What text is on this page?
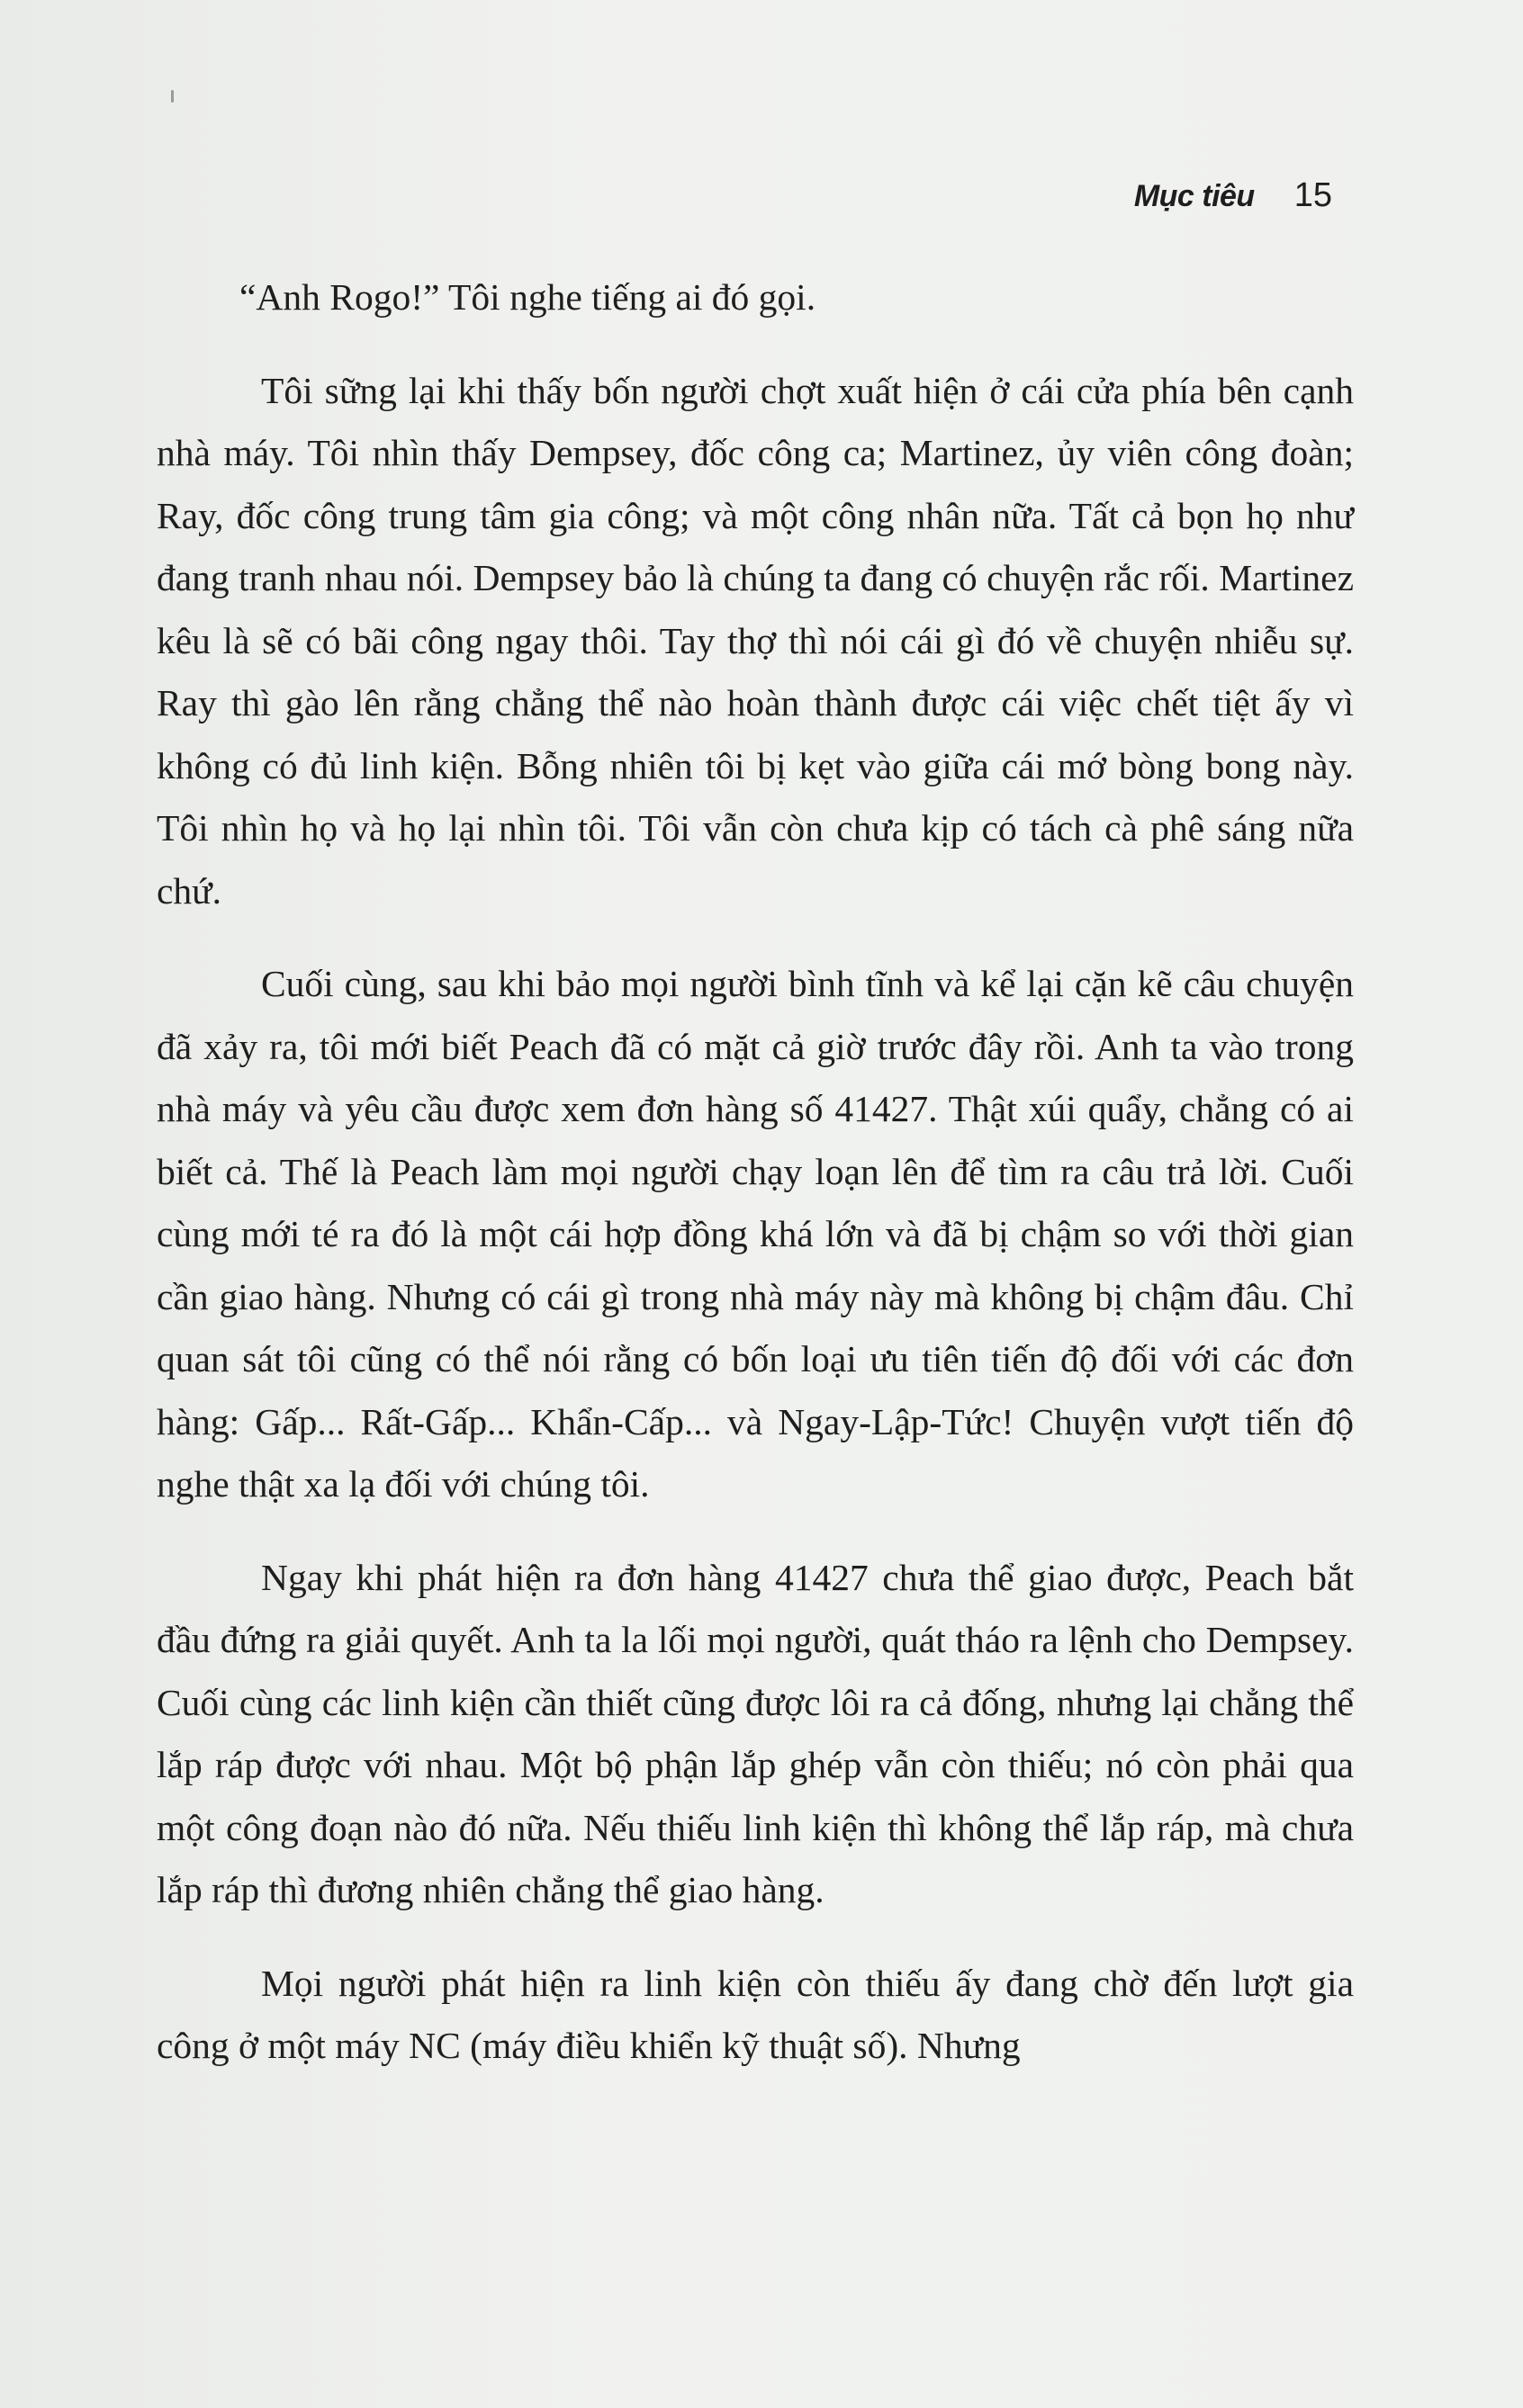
Mục tiêu 15

“Anh Rogo!” Tôi nghe tiếng ai đó gọi.

Tôi sững lại khi thấy bốn người chợt xuất hiện ở cái cửa phía bên cạnh nhà máy. Tôi nhìn thấy Dempsey, đốc công ca; Martinez, ủy viên công đoàn; Ray, đốc công trung tâm gia công; và một công nhân nữa. Tất cả bọn họ như đang tranh nhau nói. Dempsey bảo là chúng ta đang có chuyện rắc rối. Martinez kêu là sẽ có bãi công ngay thôi. Tay thợ thì nói cái gì đó về chuyện nhiễu sự. Ray thì gào lên rằng chẳng thể nào hoàn thành được cái việc chết tiệt ấy vì không có đủ linh kiện. Bỗng nhiên tôi bị kẹt vào giữa cái mớ bòng bong này. Tôi nhìn họ và họ lại nhìn tôi. Tôi vẫn còn chưa kịp có tách cà phê sáng nữa chứ.

Cuối cùng, sau khi bảo mọi người bình tĩnh và kể lại cặn kẽ câu chuyện đã xảy ra, tôi mới biết Peach đã có mặt cả giờ trước đây rồi. Anh ta vào trong nhà máy và yêu cầu được xem đơn hàng số 41427. Thật xúi quẩy, chẳng có ai biết cả. Thế là Peach làm mọi người chạy loạn lên để tìm ra câu trả lời. Cuối cùng mới té ra đó là một cái hợp đồng khá lớn và đã bị chậm so với thời gian cần giao hàng. Nhưng có cái gì trong nhà máy này mà không bị chậm đâu. Chỉ quan sát tôi cũng có thể nói rằng có bốn loại ưu tiên tiến độ đối với các đơn hàng: Gấp... Rất-Gấp... Khẩn-Cấp... và Ngay-Lập-Tức! Chuyện vượt tiến độ nghe thật xa lạ đối với chúng tôi.

Ngay khi phát hiện ra đơn hàng 41427 chưa thể giao được, Peach bắt đầu đứng ra giải quyết. Anh ta la lối mọi người, quát tháo ra lệnh cho Dempsey. Cuối cùng các linh kiện cần thiết cũng được lôi ra cả đống, nhưng lại chẳng thể lắp ráp được với nhau. Một bộ phận lắp ghép vẫn còn thiếu; nó còn phải qua một công đoạn nào đó nữa. Nếu thiếu linh kiện thì không thể lắp ráp, mà chưa lắp ráp thì đương nhiên chẳng thể giao hàng.

Mọi người phát hiện ra linh kiện còn thiếu ấy đang chờ đến lượt gia công ở một máy NC (máy điều khiển kỹ thuật số). Nhưng
